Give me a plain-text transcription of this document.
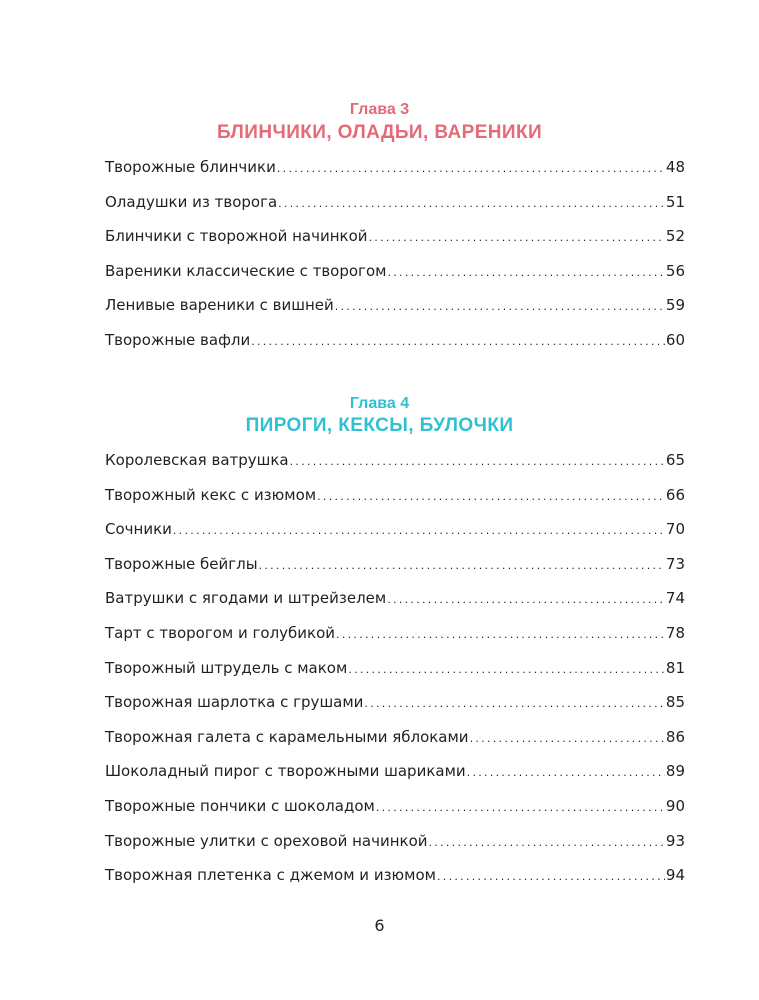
Глава 3
БЛИНЧИКИ, ОЛАДЬИ, ВАРЕНИКИ
Творожные блинчики . . .	48
Оладушки из творога . . .	51
Блинчики с творожной начинкой . . .	52
Вареники классические с творогом . . .	56
Ленивые вареники с вишней . . .	59
Творожные вафли . . .	60
Глава 4
ПИРОГИ, КЕКСЫ, БУЛОЧКИ
Королевская ватрушка . . .	65
Творожный кекс с изюмом . . .	66
Сочники . . .	70
Творожные бейглы . . .	73
Ватрушки с ягодами и штрейзелем . . .	74
Тарт с творогом и голубикой . . .	78
Творожный штрудель с маком . . .	81
Творожная шарлотка с грушами . . .	85
Творожная галета с карамельными яблоками . . .	86
Шоколадный пирог с творожными шариками . . .	89
Творожные пончики с шоколадом . . .	90
Творожные улитки с ореховой начинкой . . .	93
Творожная плетенка с джемом и изюмом . . .	94
6
